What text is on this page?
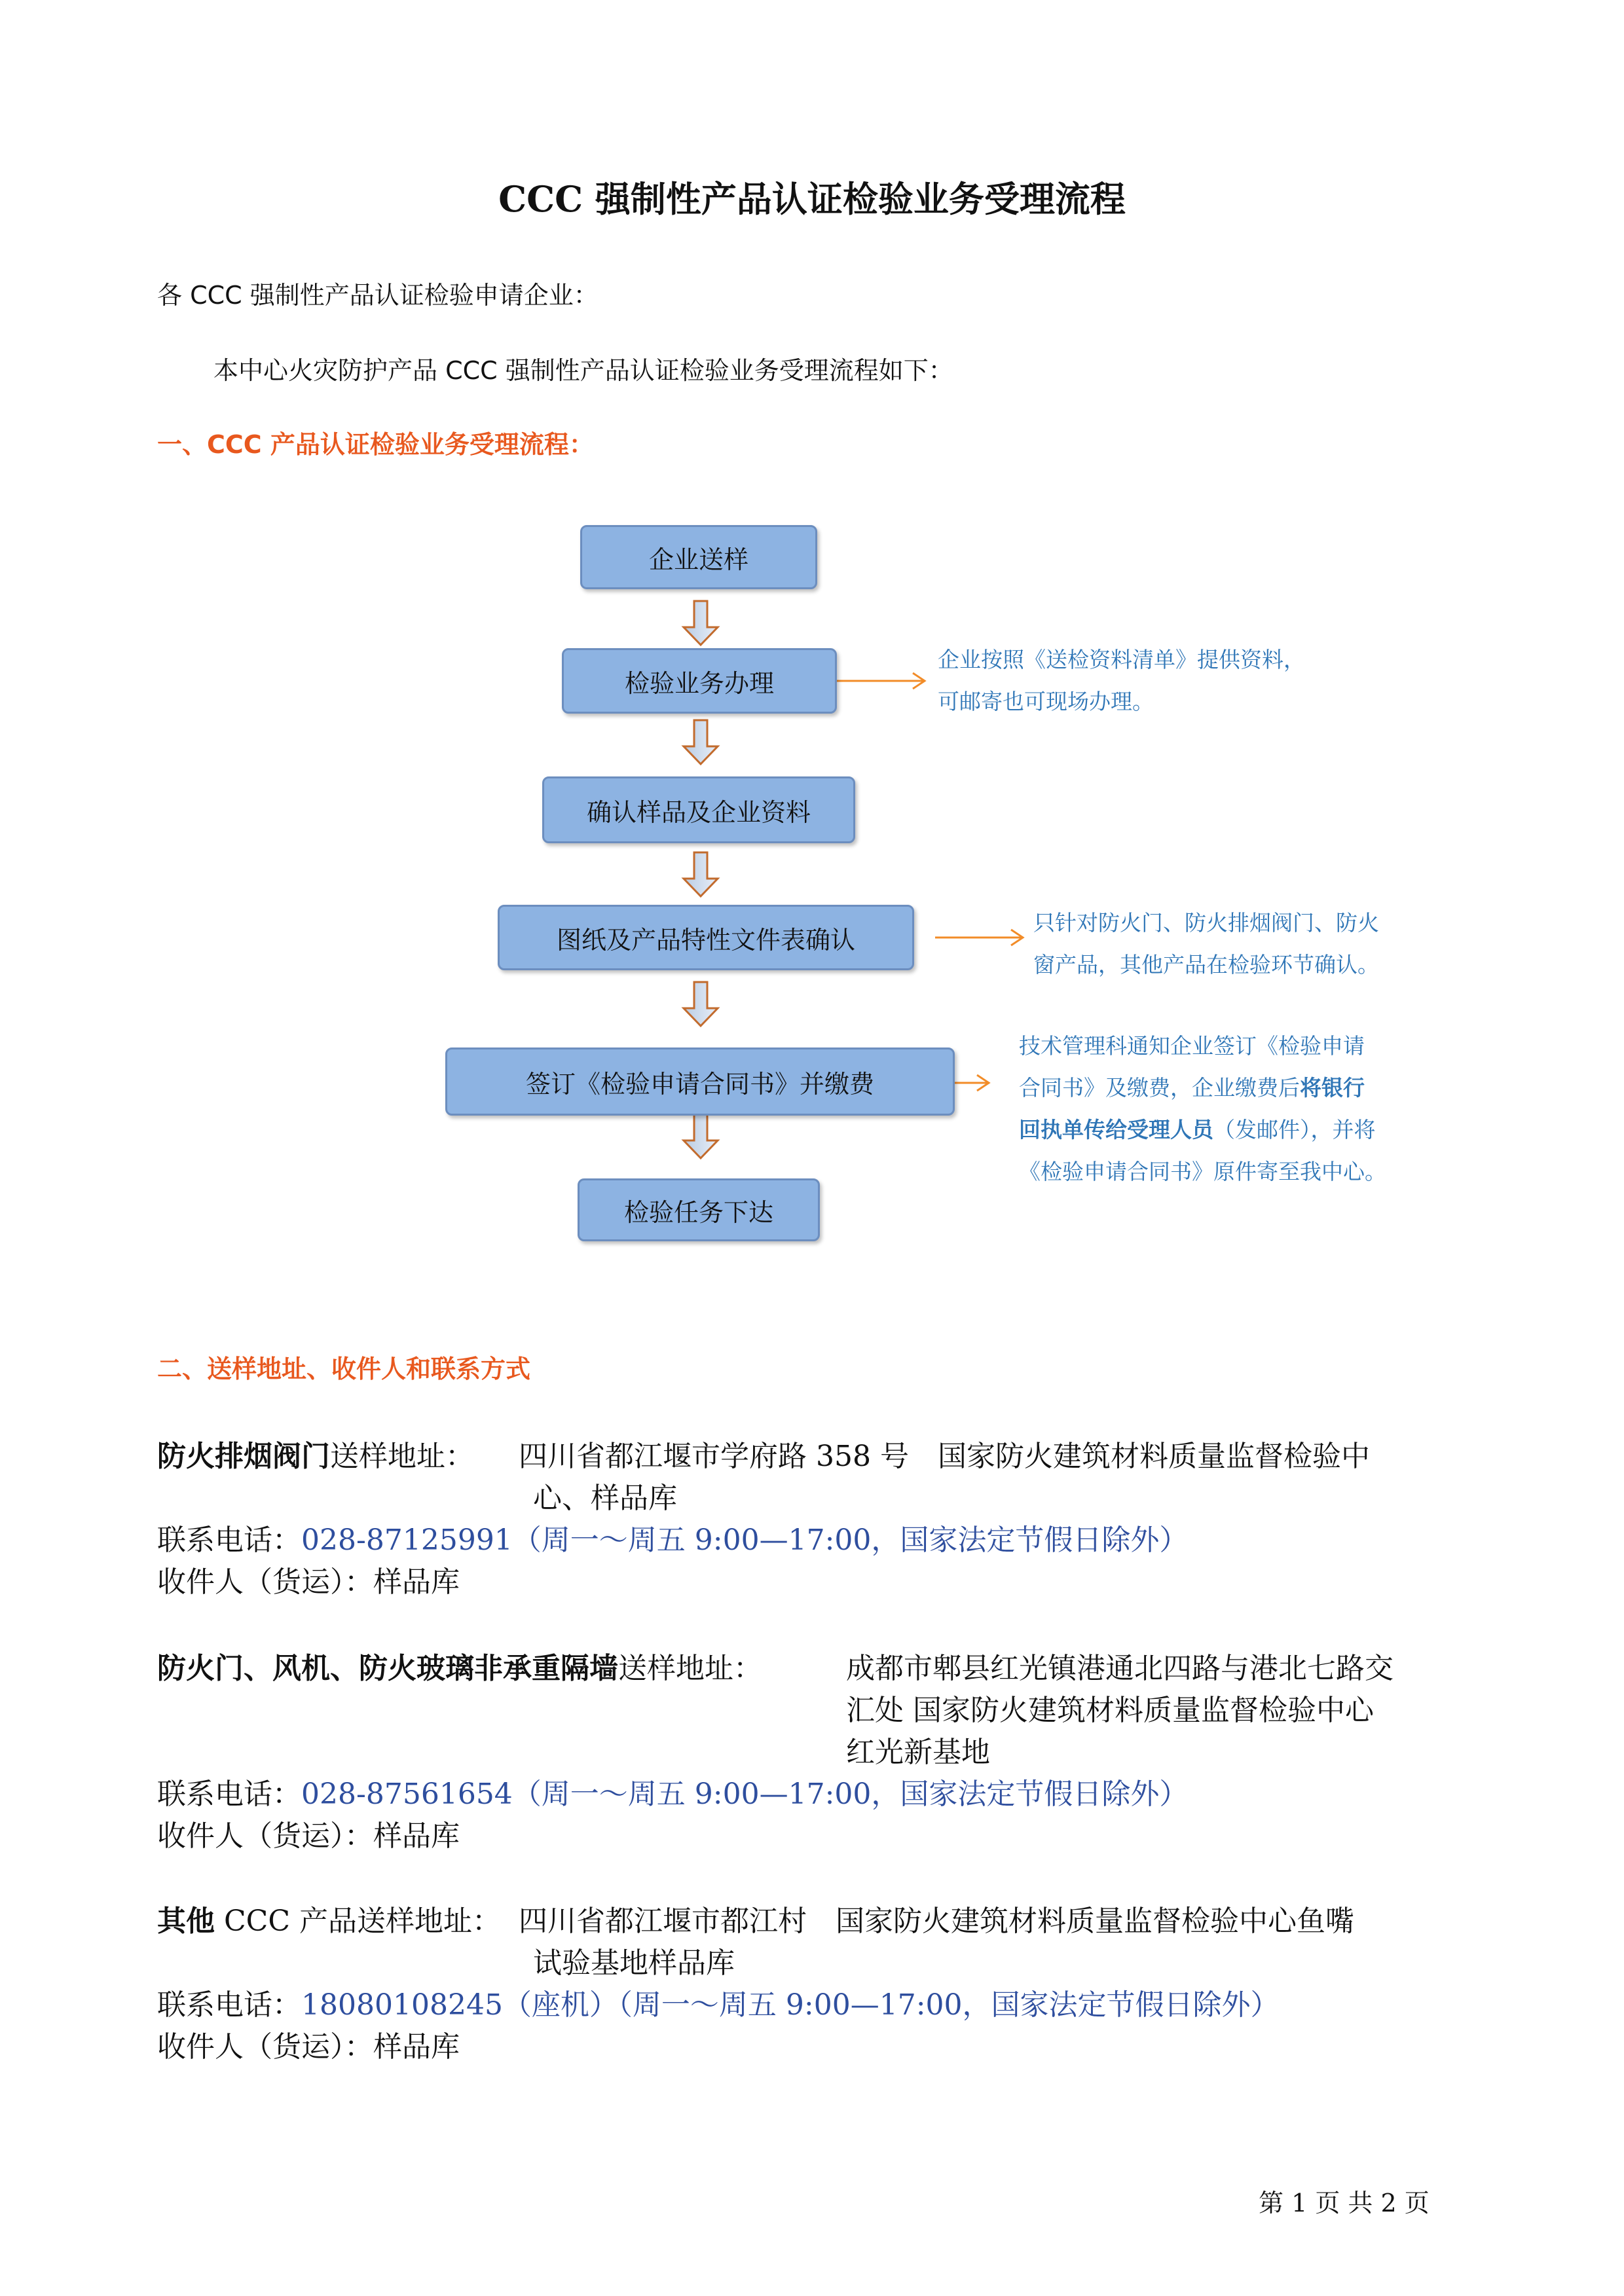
CCC 强制性产品认证检验业务受理流程
各 CCC 强制性产品认证检验申请企业：
本中心火灾防护产品 CCC 强制性产品认证检验业务受理流程如下：
一、CCC 产品认证检验业务受理流程：
企业送样
检验业务办理
确认样品及企业资料
图纸及产品特性文件表确认
签订《检验申请合同书》并缴费
检验任务下达
企业按照《送检资料清单》提供资料，
可邮寄也可现场办理。
只针对防火门、防火排烟阀门、防火
窗产品，其他产品在检验环节确认。
技术管理科通知企业签订《检验申请
合同书》及缴费，企业缴费后将银行
回执单传给受理人员（发邮件），并将
《检验申请合同书》原件寄至我中心。
二、送样地址、收件人和联系方式
防火排烟阀门送样地址： 四川省都江堰市学府路 358 号　国家防火建筑材料质量监督检验中
心、样品库
联系电话：028-87125991（周一～周五 9:00—17:00，国家法定节假日除外）
收件人（货运）：样品库
防火门、风机、防火玻璃非承重隔墙送样地址：	成都市郫县红光镇港通北四路与港北七路交
汇处 国家防火建筑材料质量监督检验中心
红光新基地
联系电话：028-87561654（周一～周五 9:00—17:00，国家法定节假日除外）
收件人（货运）：样品库
其他 CCC 产品送样地址： 四川省都江堰市都江村　国家防火建筑材料质量监督检验中心鱼嘴
试验基地样品库
联系电话：18080108245（座机）（周一～周五 9:00—17:00，国家法定节假日除外）
收件人（货运）：样品库
第 1 页 共 2 页
